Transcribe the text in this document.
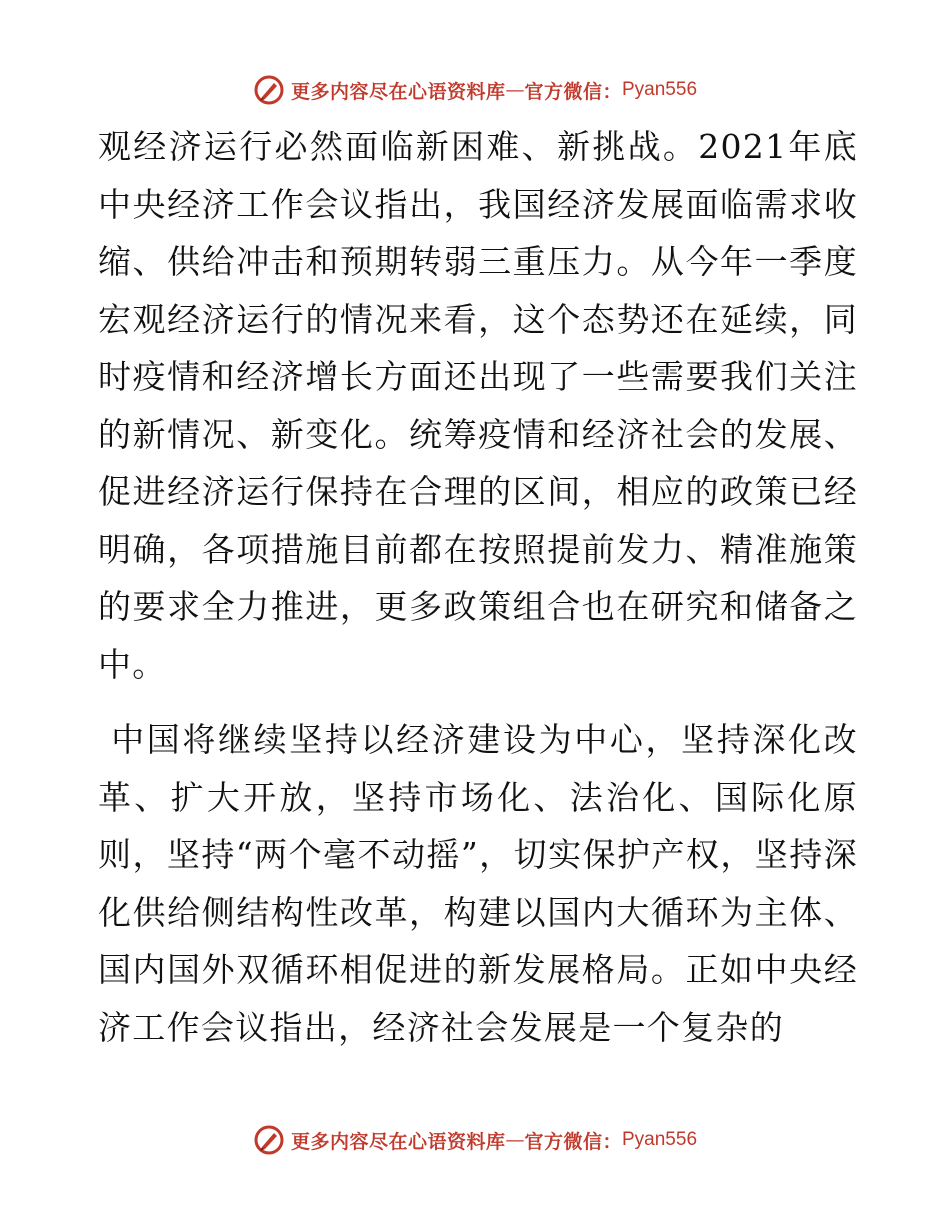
更多内容尽在心语资料库 — 官方微信： Pyan556

观经济运行必然面临新困难、新挑战。2021年底中央经济工作会议指出，我国经济发展面临需求收缩、供给冲击和预期转弱三重压力。从今年一季度宏观经济运行的情况来看，这个态势还在延续，同时疫情和经济增长方面还出现了一些需要我们关注的新情况、新变化。统筹疫情和经济社会的发展、促进经济运行保持在合理的区间，相应的政策已经明确，各项措施目前都在按照提前发力、精准施策的要求全力推进，更多政策组合也在研究和储备之中。

中国将继续坚持以经济建设为中心，坚持深化改革、扩大开放，坚持市场化、法治化、国际化原则，坚持“两个毫不动摇”，切实保护产权，坚持深化供给侧结构性改革，构建以国内大循环为主体、国内国外双循环相促进的新发展格局。正如中央经济工作会议指出，经济社会发展是一个复杂的

更多内容尽在心语资料库 — 官方微信： Pyan556
